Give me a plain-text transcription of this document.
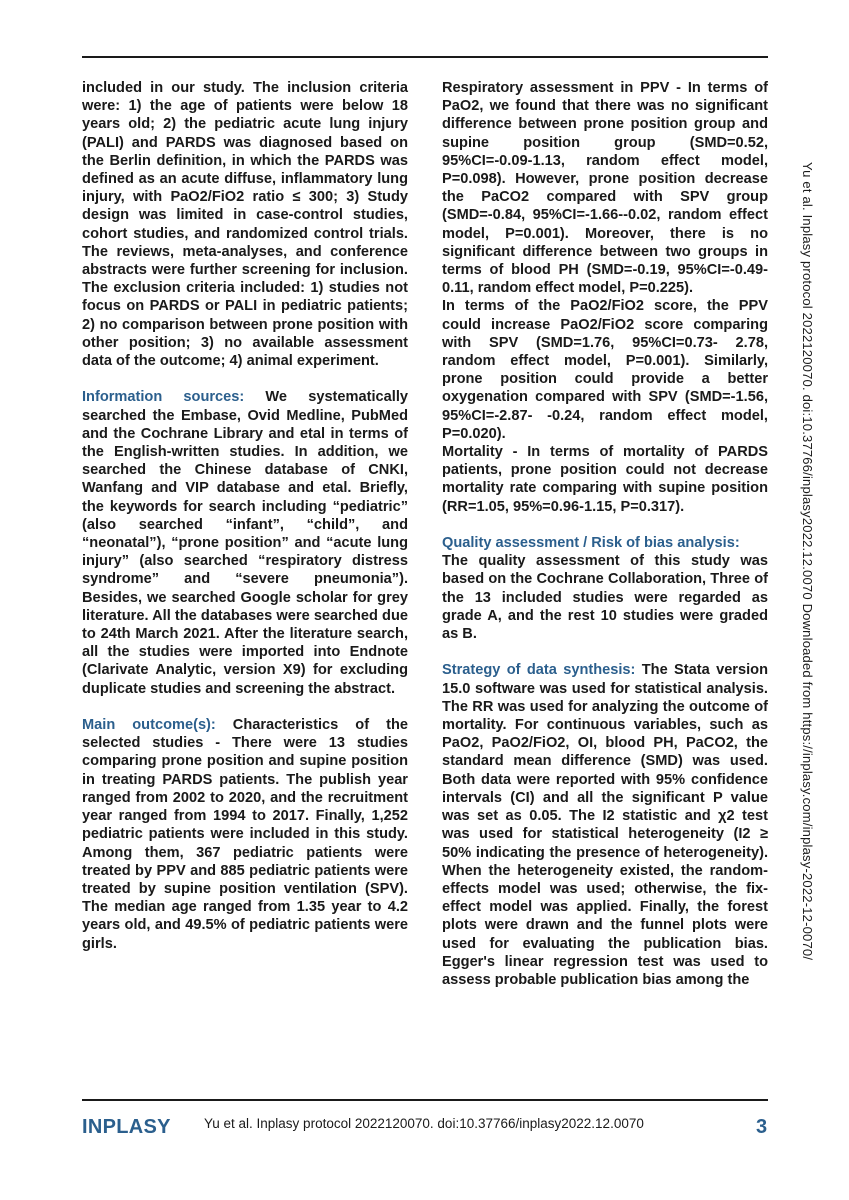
included in our study. The inclusion criteria were: 1) the age of patients were below 18 years old; 2) the pediatric acute lung injury (PALI) and PARDS was diagnosed based on the Berlin definition, in which the PARDS was defined as an acute diffuse, inflammatory lung injury, with PaO2/FiO2 ratio ≤ 300; 3) Study design was limited in case-control studies, cohort studies, and randomized control trials. The reviews, meta-analyses, and conference abstracts were further screening for inclusion. The exclusion criteria included: 1) studies not focus on PARDS or PALI in pediatric patients; 2) no comparison between prone position with other position; 3) no available assessment data of the outcome; 4) animal experiment.

Information sources: We systematically searched the Embase, Ovid Medline, PubMed and the Cochrane Library and etal in terms of the English-written studies. In addition, we searched the Chinese database of CNKI, Wanfang and VIP database and etal. Briefly, the keywords for search including “pediatric” (also searched “infant”, “child”, and “neonatal”), “prone position” and “acute lung injury” (also searched “respiratory distress syndrome” and “severe pneumonia”). Besides, we searched Google scholar for grey literature. All the databases were searched due to 24th March 2021. After the literature search, all the studies were imported into Endnote (Clarivate Analytic, version X9) for excluding duplicate studies and screening the abstract.

Main outcome(s): Characteristics of the selected studies - There were 13 studies comparing prone position and supine position in treating PARDS patients. The publish year ranged from 2002 to 2020, and the recruitment year ranged from 1994 to 2017. Finally, 1,252 pediatric patients were included in this study. Among them, 367 pediatric patients were treated by PPV and 885 pediatric patients were treated by supine position ventilation (SPV). The median age ranged from 1.35 year to 4.2 years old, and 49.5% of pediatric patients were girls.

Respiratory assessment in PPV - In terms of PaO2, we found that there was no significant difference between prone position group and supine position group (SMD=0.52, 95%CI=-0.09-1.13, random effect model, P=0.098). However, prone position decrease the PaCO2 compared with SPV group (SMD=-0.84, 95%CI=-1.66--0.02, random effect model, P=0.001). Moreover, there is no significant difference between two groups in terms of blood PH (SMD=-0.19, 95%CI=-0.49- 0.11, random effect model, P=0.225).

In terms of the PaO2/FiO2 score, the PPV could increase PaO2/FiO2 score comparing with SPV (SMD=1.76, 95%CI=0.73- 2.78, random effect model, P=0.001). Similarly, prone position could provide a better oxygenation compared with SPV (SMD=-1.56, 95%CI=-2.87- -0.24, random effect model, P=0.020).

Mortality - In terms of mortality of PARDS patients, prone position could not decrease mortality rate comparing with supine position (RR=1.05, 95%=0.96-1.15, P=0.317).

Quality assessment / Risk of bias analysis:

The quality assessment of this study was based on the Cochrane Collaboration, Three of the 13 included studies were regarded as grade A, and the rest 10 studies were graded as B.

Strategy of data synthesis: The Stata version 15.0 software was used for statistical analysis. The RR was used for analyzing the outcome of mortality. For continuous variables, such as PaO2, PaO2/FiO2, OI, blood PH, PaCO2, the standard mean difference (SMD) was used. Both data were reported with 95% confidence intervals (CI) and all the significant P value was set as 0.05. The I2 statistic and χ2 test was used for statistical heterogeneity (I2 ≥ 50% indicating the presence of heterogeneity). When the heterogeneity existed, the random-effects model was used; otherwise, the fix-effect model was applied. Finally, the forest plots were drawn and the funnel plots were used for evaluating the publication bias. Egger's linear regression test was used to assess probable publication bias among the

Yu et al. Inplasy protocol 2022120070. doi:10.37766/inplasy2022.12.0070 Downloaded from https://inplasy.com/inplasy-2022-12-0070/
INPLASY Yu et al. Inplasy protocol 2022120070. doi:10.37766/inplasy2022.12.0070	3
